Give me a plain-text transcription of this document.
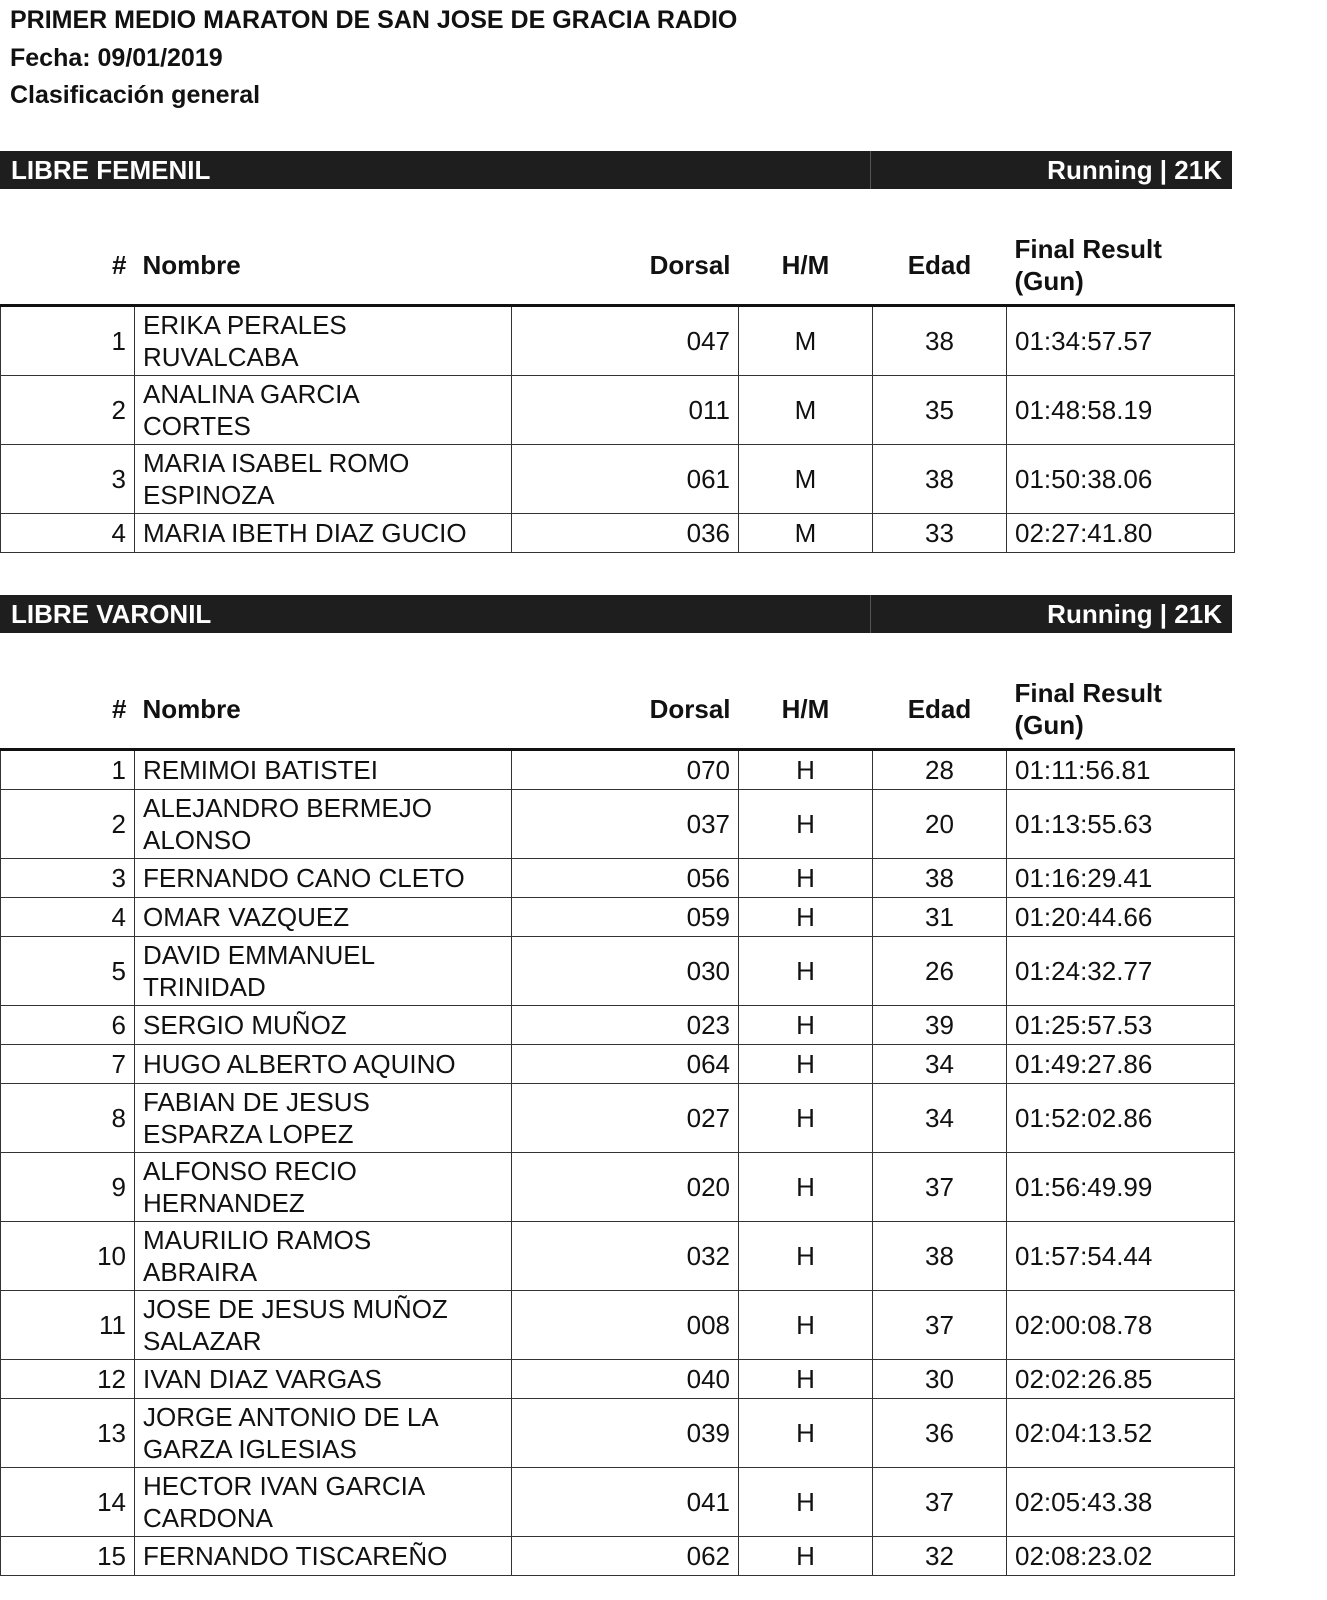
PRIMER MEDIO MARATON DE SAN JOSE DE GRACIA RADIO
Fecha: 09/01/2019
Clasificación general
LIBRE FEMENIL	Running | 21K
#	Nombre	Dorsal	H/M	Edad	Final Result
(Gun)

1	ERIKA PERALES
RUVALCABA	047	M	38	01:34:57.57
2	ANALINA GARCIA
CORTES	011	M	35	01:48:58.19
3	MARIA ISABEL ROMO
ESPINOZA	061	M	38	01:50:38.06
4	MARIA IBETH DIAZ GUCIO	036	M	33	02:27:41.80
LIBRE VARONIL	Running | 21K
#	Nombre	Dorsal	H/M	Edad	Final Result
(Gun)

1	REMIMOI BATISTEI	070	H	28	01:11:56.81
2	ALEJANDRO BERMEJO
ALONSO	037	H	20	01:13:55.63
3	FERNANDO CANO CLETO	056	H	38	01:16:29.41
4	OMAR VAZQUEZ	059	H	31	01:20:44.66
5	DAVID EMMANUEL
TRINIDAD	030	H	26	01:24:32.77
6	SERGIO MUÑOZ	023	H	39	01:25:57.53
7	HUGO ALBERTO AQUINO	064	H	34	01:49:27.86
8	FABIAN DE JESUS
ESPARZA LOPEZ	027	H	34	01:52:02.86
9	ALFONSO RECIO
HERNANDEZ	020	H	37	01:56:49.99
10	MAURILIO RAMOS
ABRAIRA	032	H	38	01:57:54.44
11	JOSE DE JESUS MUÑOZ
SALAZAR	008	H	37	02:00:08.78
12	IVAN DIAZ VARGAS	040	H	30	02:02:26.85
13	JORGE ANTONIO DE LA
GARZA IGLESIAS	039	H	36	02:04:13.52
14	HECTOR IVAN GARCIA
CARDONA	041	H	37	02:05:43.38
15	FERNANDO TISCAREÑO	062	H	32	02:08:23.02
